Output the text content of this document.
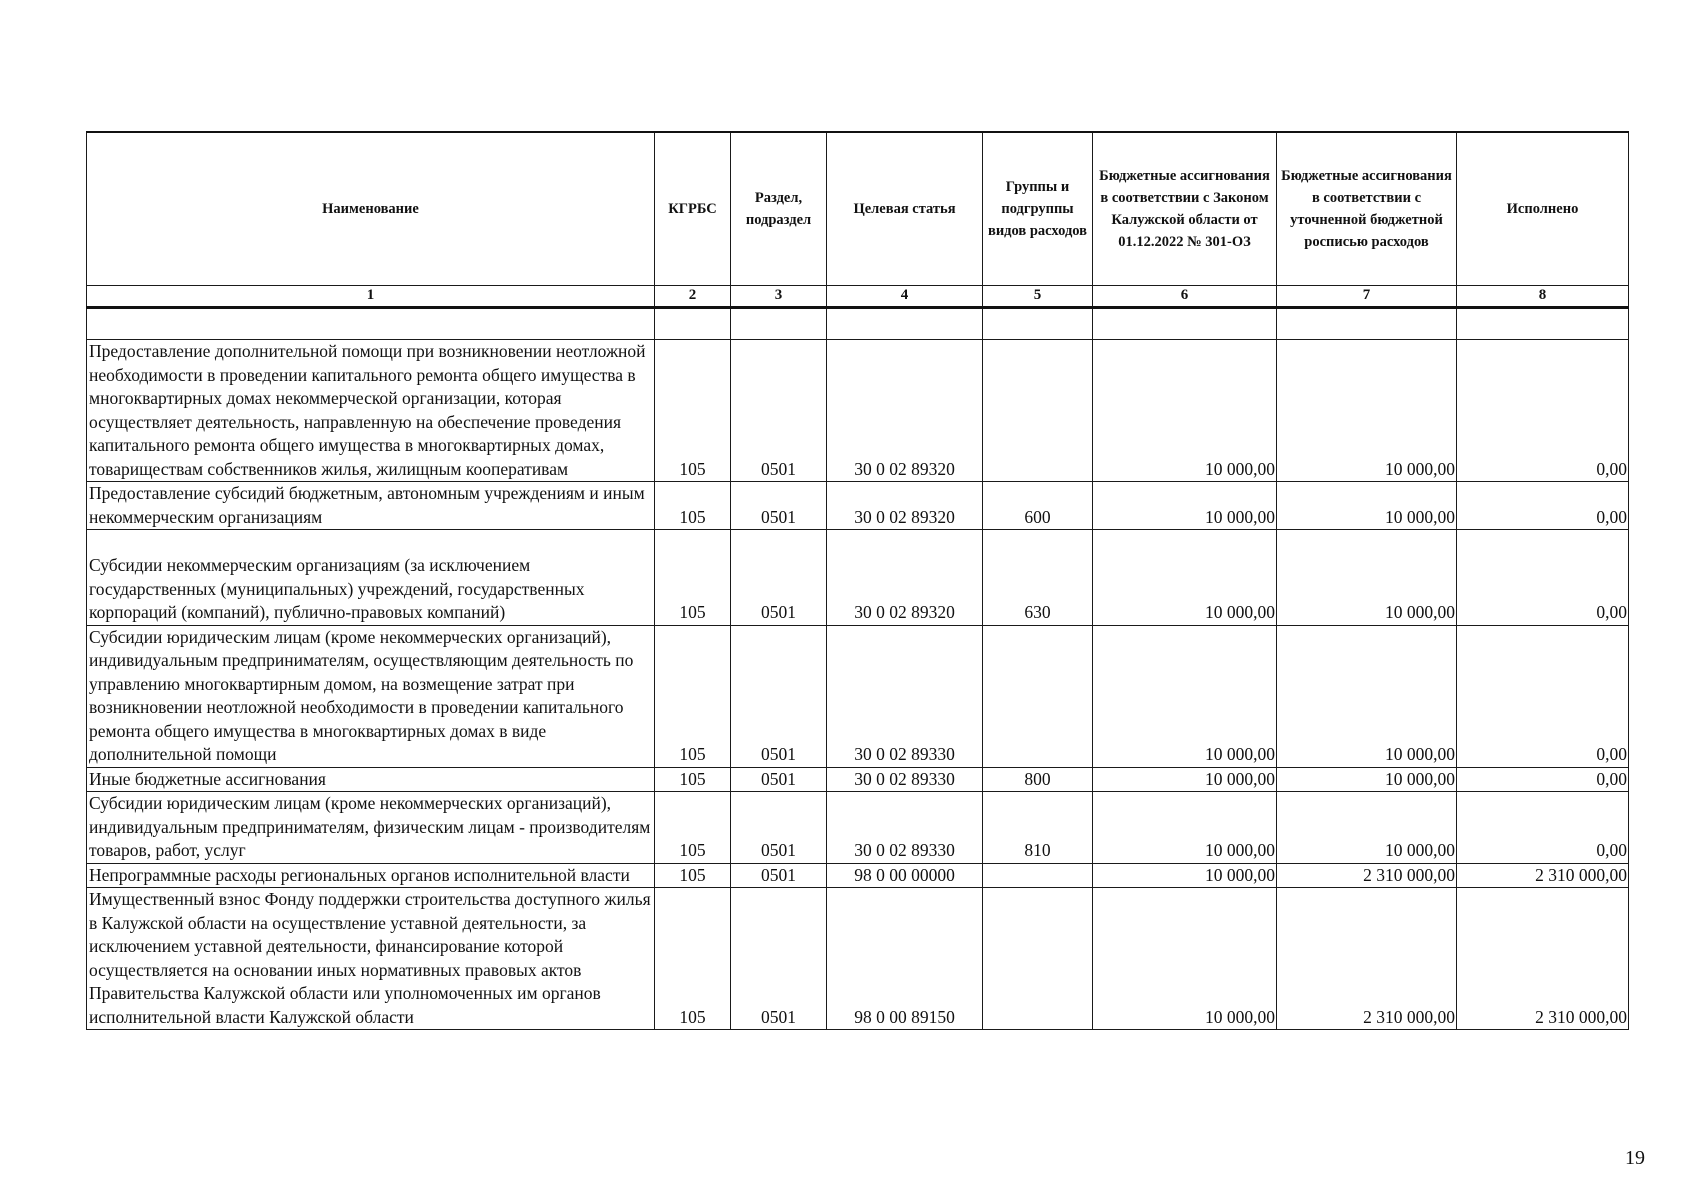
Наименование	КГРБС	Раздел, подраздел	Целевая статья	Группы и подгруппы видов расходов	Бюджетные ассигнования в соответствии с Законом Калужской области от 01.12.2022 № 301-ОЗ	Бюджетные ассигнования в соответствии с уточненной бюджетной росписью расходов	Исполнено
1	2	3	4	5	6	7	8

Предоставление дополнительной помощи при возникновении неотложной необходимости в проведении капитального ремонта общего имущества в многоквартирных домах некоммерческой организации, которая осуществляет деятельность, направленную на обеспечение проведения капитального ремонта общего имущества в многоквартирных домах, товариществам собственников жилья, жилищным кооперативам	105	0501	30 0 02 89320		10 000,00	10 000,00	0,00
Предоставление субсидий бюджетным, автономным учреждениям и иным некоммерческим организациям	105	0501	30 0 02 89320	600	10 000,00	10 000,00	0,00

Субсидии некоммерческим организациям (за исключением государственных (муниципальных) учреждений, государственных корпораций (компаний), публично-правовых компаний)	105	0501	30 0 02 89320	630	10 000,00	10 000,00	0,00
Субсидии юридическим лицам (кроме некоммерческих организаций), индивидуальным предпринимателям, осуществляющим деятельность по управлению многоквартирным домом, на возмещение затрат при возникновении неотложной необходимости в проведении капитального ремонта общего имущества в многоквартирных домах в виде дополнительной помощи	105	0501	30 0 02 89330		10 000,00	10 000,00	0,00
Иные бюджетные ассигнования	105	0501	30 0 02 89330	800	10 000,00	10 000,00	0,00
Субсидии юридическим лицам (кроме некоммерческих организаций), индивидуальным предпринимателям, физическим лицам - производителям товаров, работ, услуг	105	0501	30 0 02 89330	810	10 000,00	10 000,00	0,00
Непрограммные расходы региональных органов исполнительной власти	105	0501	98 0 00 00000		10 000,00	2 310 000,00	2 310 000,00
Имущественный взнос Фонду поддержки строительства доступного жилья в Калужской области на осуществление уставной деятельности, за исключением уставной деятельности, финансирование которой осуществляется на основании иных нормативных правовых актов Правительства Калужской области или уполномоченных им органов исполнительной власти Калужской области	105	0501	98 0 00 89150		10 000,00	2 310 000,00	2 310 000,00
19
